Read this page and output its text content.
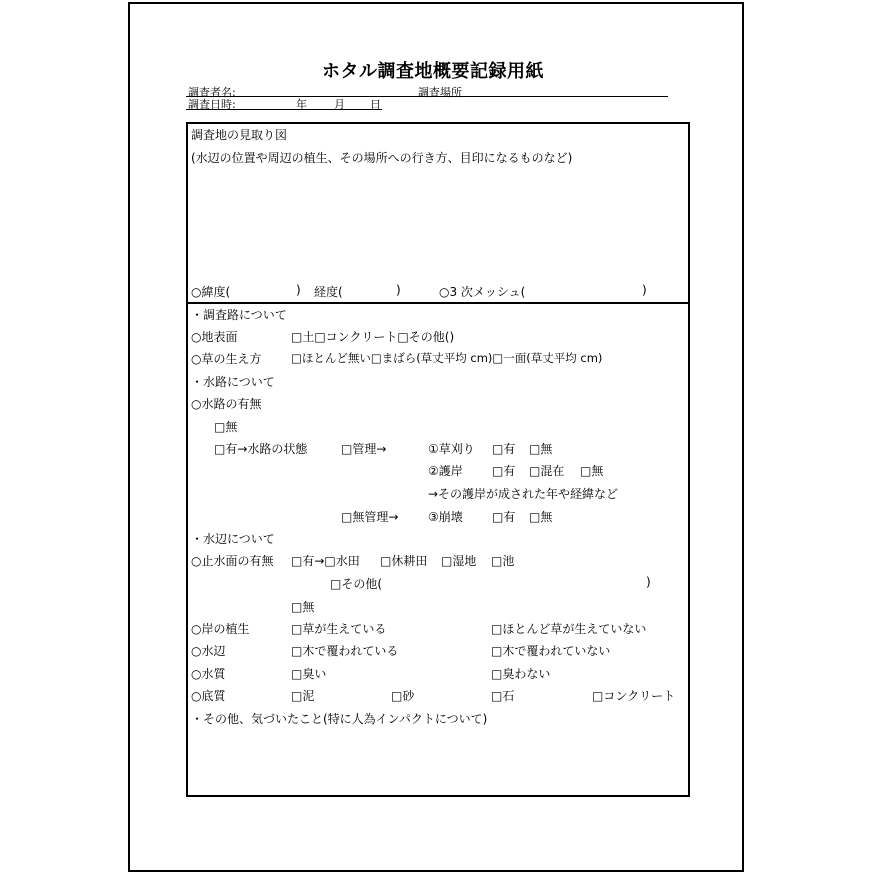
ホタル調査地概要記録用紙
調査者名:	調査場所
調査日時:	年 月 日
調査地の見取り図
(水辺の位置や周辺の植生、その場所への行き方、目印になるものなど)
○緯度(	) 経度(	)	○3 次メッシュ(	)
・調査路について
○地表面	□土□コンクリート□その他()
○草の生え方	□ほとんど無い□まばら(草丈平均 cm)□一面(草丈平均 cm)
・水路について
○水路の有無
□無
□有→水路の状態	□管理→	①草刈り □有 □無
②護岸 □有 □混在 □無
→その護岸が成された年や経緯など
□無管理→ ③崩壊 □有 □無
・水辺について
○止水面の有無 □有→□水田 □休耕田 □湿地 □池
□その他(	)
□無
○岸の植生	□草が生えている	□ほとんど草が生えていない
○水辺	□木で覆われている	□木で覆われていない
○水質	□臭い	□臭わない
○底質	□泥	□砂	□石	□コンクリート
・その他、気づいたこと(特に人為インパクトについて)
